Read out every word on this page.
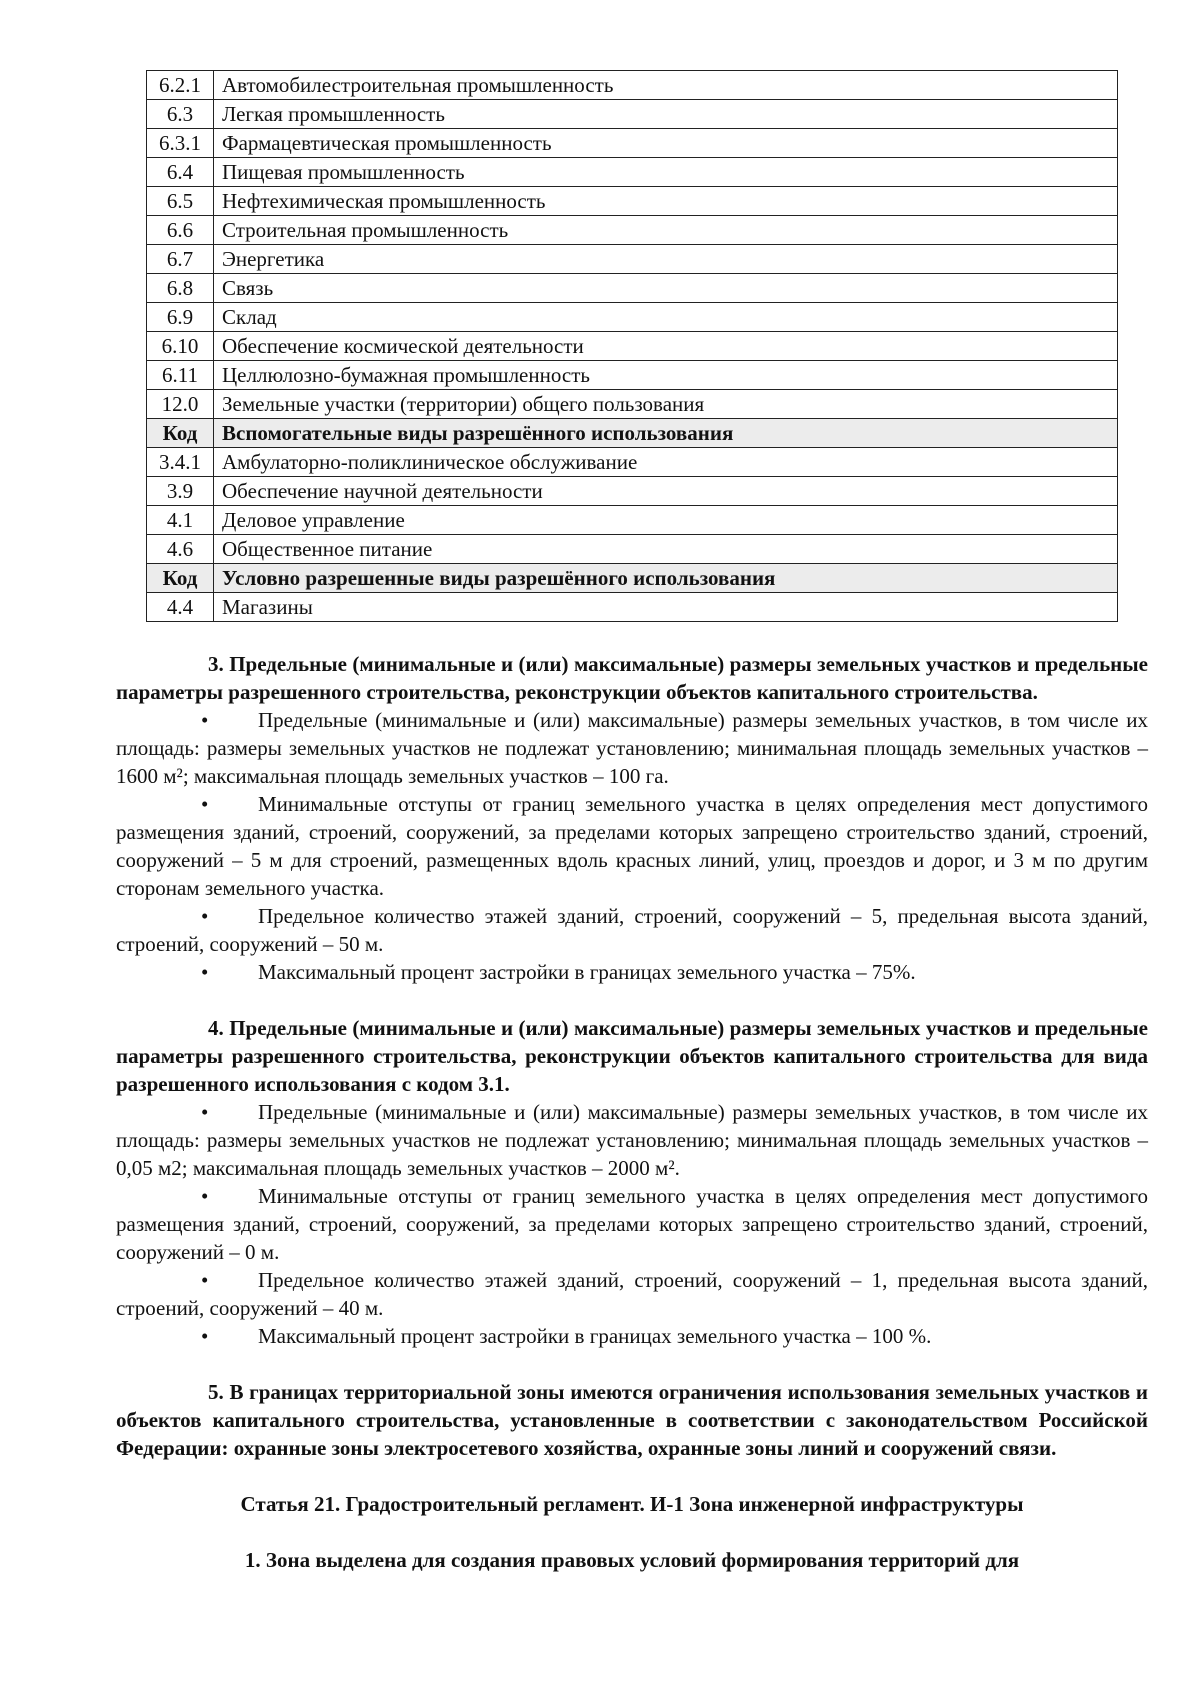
6.2.1	Автомобилестроительная промышленность
6.3	Легкая промышленность
6.3.1	Фармацевтическая промышленность
6.4	Пищевая промышленность
6.5	Нефтехимическая промышленность
6.6	Строительная промышленность
6.7	Энергетика
6.8	Связь
6.9	Склад
6.10	Обеспечение космической деятельности
6.11	Целлюлозно-бумажная промышленность
12.0	Земельные участки (территории) общего пользования
Код	Вспомогательные виды разрешённого использования
3.4.1	Амбулаторно-поликлиническое обслуживание
3.9	Обеспечение научной деятельности
4.1	Деловое управление
4.6	Общественное питание
Код	Условно разрешенные виды разрешённого использования
4.4	Магазины

3. Предельные (минимальные и (или) максимальные) размеры земельных участков и предельные параметры разрешенного строительства, реконструкции объектов капитального строительства.

• Предельные (минимальные и (или) максимальные) размеры земельных участков, в том числе их площадь: размеры земельных участков не подлежат установлению; минимальная площадь земельных участков – 1600 м²; максимальная площадь земельных участков – 100 га.

• Минимальные отступы от границ земельного участка в целях определения мест допустимого размещения зданий, строений, сооружений, за пределами которых запрещено строительство зданий, строений, сооружений – 5 м для строений, размещенных вдоль красных линий, улиц, проездов и дорог, и 3 м по другим сторонам земельного участка.

• Предельное количество этажей зданий, строений, сооружений – 5, предельная высота зданий, строений, сооружений – 50 м.

• Максимальный процент застройки в границах земельного участка – 75%.

4. Предельные (минимальные и (или) максимальные) размеры земельных участков и предельные параметры разрешенного строительства, реконструкции объектов капитального строительства для вида разрешенного использования с кодом 3.1.

• Предельные (минимальные и (или) максимальные) размеры земельных участков, в том числе их площадь: размеры земельных участков не подлежат установлению; минимальная площадь земельных участков – 0,05 м2; максимальная площадь земельных участков – 2000 м².

• Минимальные отступы от границ земельного участка в целях определения мест допустимого размещения зданий, строений, сооружений, за пределами которых запрещено строительство зданий, строений, сооружений – 0 м.

• Предельное количество этажей зданий, строений, сооружений – 1, предельная высота зданий, строений, сооружений – 40 м.

• Максимальный процент застройки в границах земельного участка – 100 %.

5. В границах территориальной зоны имеются ограничения использования земельных участков и объектов капитального строительства, установленные в соответствии с законодательством Российской Федерации: охранные зоны электросетевого хозяйства, охранные зоны линий и сооружений связи.

Статья 21. Градостроительный регламент. И-1 Зона инженерной инфраструктуры

1. Зона выделена для создания правовых условий формирования территорий для
